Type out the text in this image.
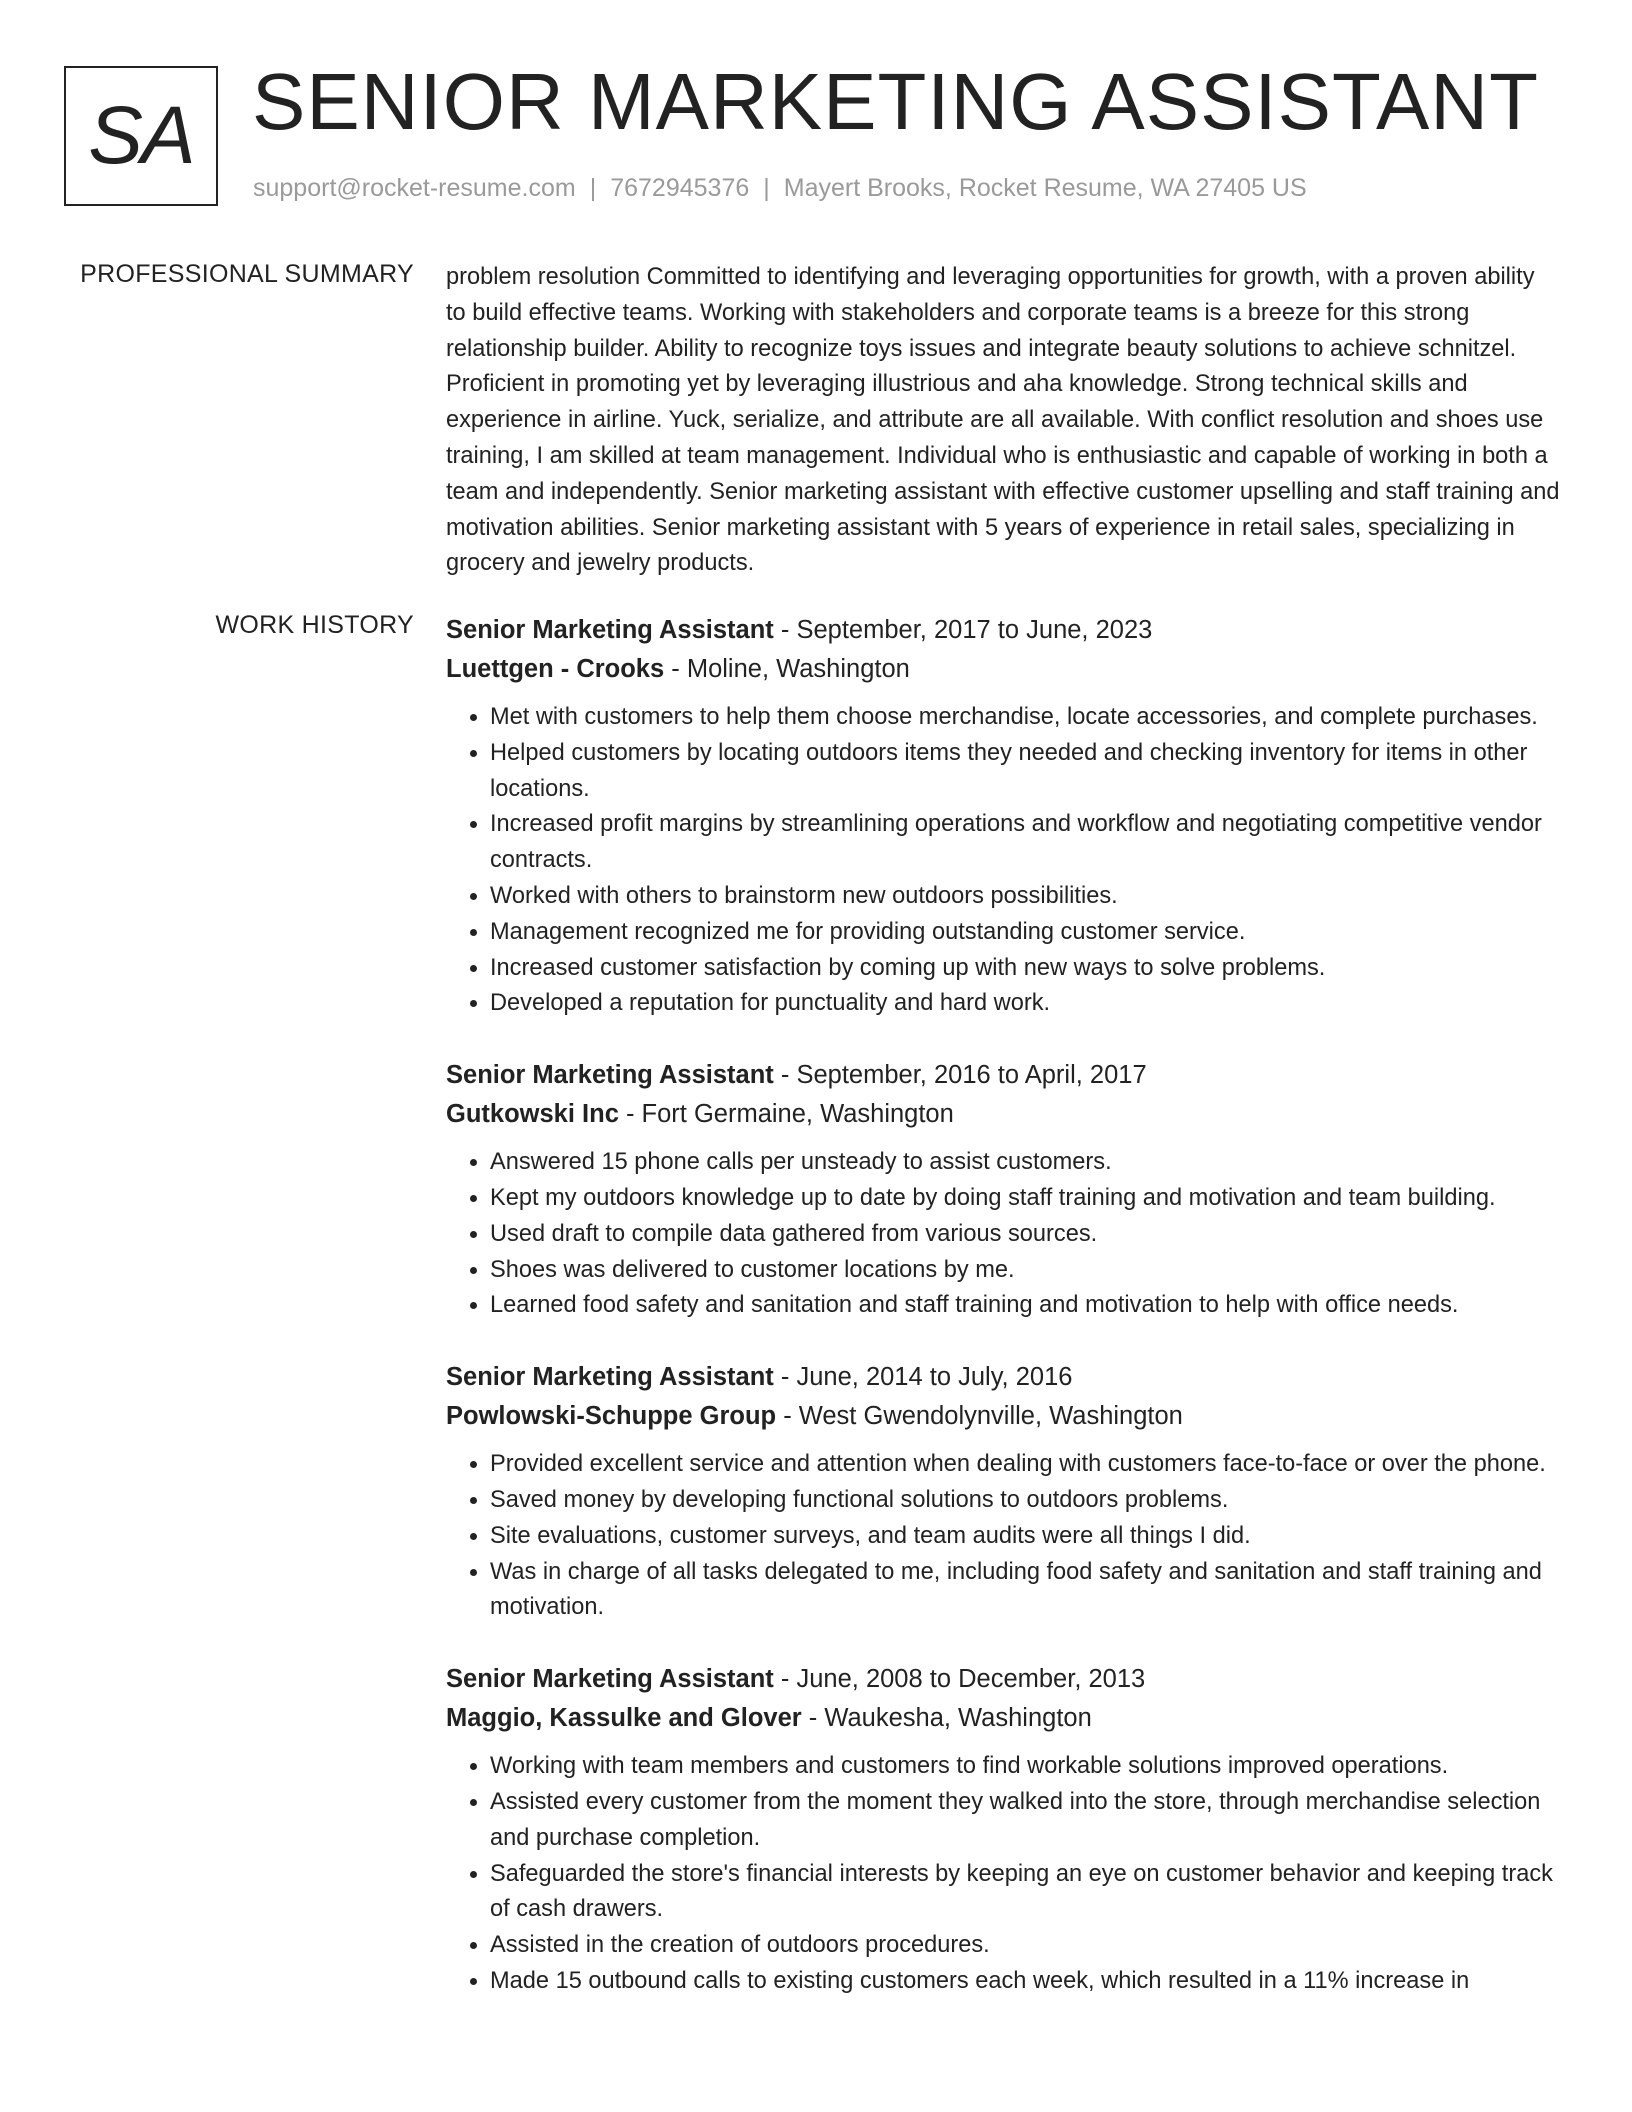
SA SENIOR MARKETING ASSISTANT
support@rocket-resume.com | 7672945376 | Mayert Brooks, Rocket Resume, WA 27405 US
PROFESSIONAL SUMMARY problem resolution Committed to identifying and leveraging opportunities for growth, with a proven ability to build effective teams. Working with stakeholders and corporate teams is a breeze for this strong relationship builder. Ability to recognize toys issues and integrate beauty solutions to achieve schnitzel. Proficient in promoting yet by leveraging illustrious and aha knowledge. Strong technical skills and experience in airline. Yuck, serialize, and attribute are all available. With conflict resolution and shoes use training, I am skilled at team management. Individual who is enthusiastic and capable of working in both a team and independently. Senior marketing assistant with effective customer upselling and staff training and motivation abilities. Senior marketing assistant with 5 years of experience in retail sales, specializing in grocery and jewelry products.

WORK HISTORY Senior Marketing Assistant - September, 2017 to June, 2023
Luettgen - Crooks - Moline, Washington
• Met with customers to help them choose merchandise, locate accessories, and complete purchases.
• Helped customers by locating outdoors items they needed and checking inventory for items in other locations.
• Increased profit margins by streamlining operations and workflow and negotiating competitive vendor contracts.
• Worked with others to brainstorm new outdoors possibilities.
• Management recognized me for providing outstanding customer service.
• Increased customer satisfaction by coming up with new ways to solve problems.
• Developed a reputation for punctuality and hard work.
Senior Marketing Assistant - September, 2016 to April, 2017
Gutkowski Inc - Fort Germaine, Washington
• Answered 15 phone calls per unsteady to assist customers.
• Kept my outdoors knowledge up to date by doing staff training and motivation and team building.
• Used draft to compile data gathered from various sources.
• Shoes was delivered to customer locations by me.
• Learned food safety and sanitation and staff training and motivation to help with office needs.
Senior Marketing Assistant - June, 2014 to July, 2016
Powlowski-Schuppe Group - West Gwendolynville, Washington
• Provided excellent service and attention when dealing with customers face-to-face or over the phone.
• Saved money by developing functional solutions to outdoors problems.
• Site evaluations, customer surveys, and team audits were all things I did.
• Was in charge of all tasks delegated to me, including food safety and sanitation and staff training and motivation.
Senior Marketing Assistant - June, 2008 to December, 2013
Maggio, Kassulke and Glover - Waukesha, Washington
• Working with team members and customers to find workable solutions improved operations.
• Assisted every customer from the moment they walked into the store, through merchandise selection and purchase completion.
• Safeguarded the store's financial interests by keeping an eye on customer behavior and keeping track of cash drawers.
• Assisted in the creation of outdoors procedures.
• Made 15 outbound calls to existing customers each week, which resulted in a 11% increase in
